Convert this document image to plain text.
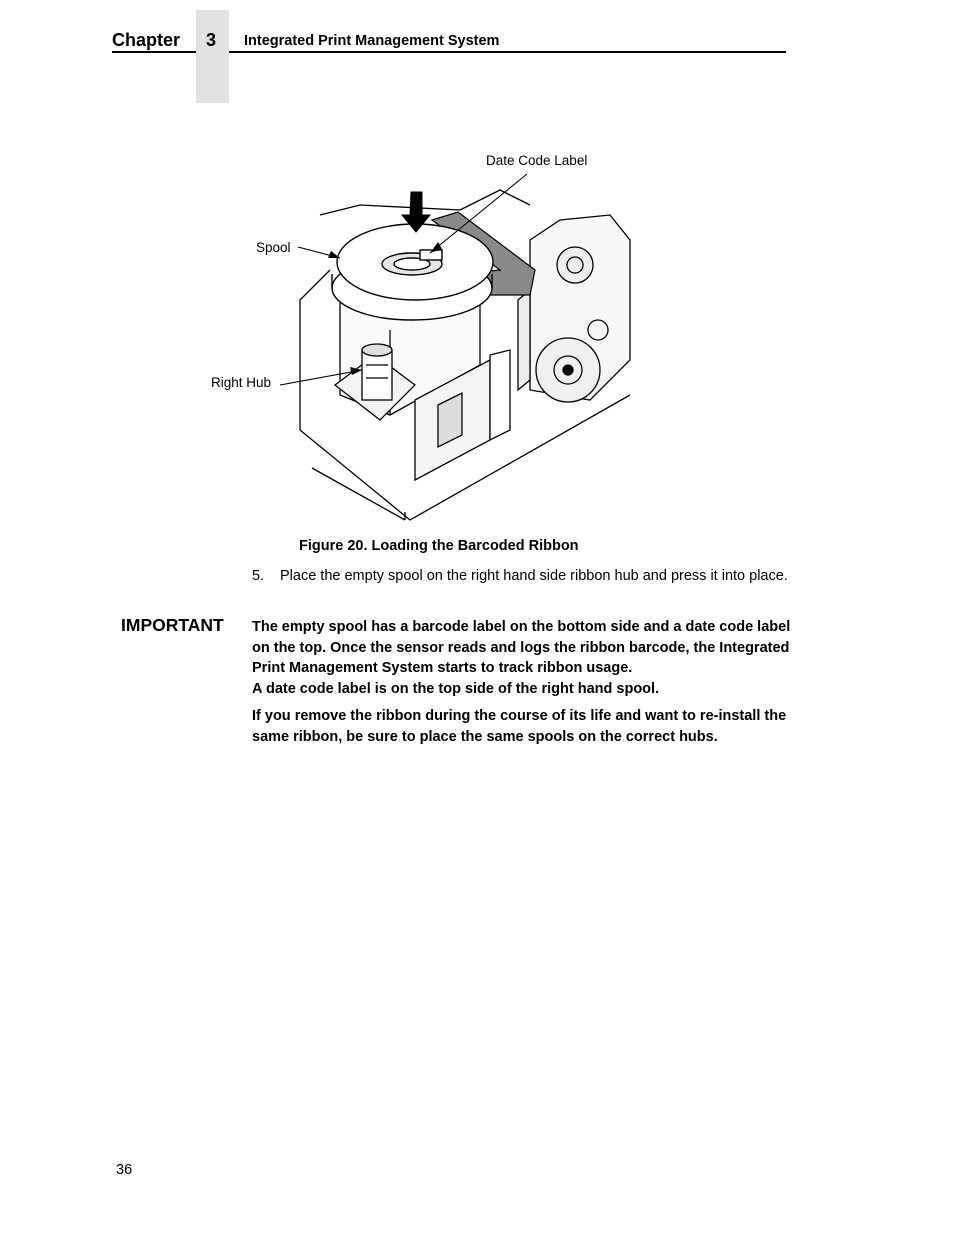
Chapter 3 Integrated Print Management System
Date Code Label
Spool
Right Hub
Figure 20. Loading the Barcoded Ribbon
5. Place the empty spool on the right hand side ribbon hub and press it into place.
IMPORTANT The empty spool has a barcode label on the bottom side and a date code label on the top. Once the sensor reads and logs the ribbon barcode, the Integrated Print Management System starts to track ribbon usage.

A date code label is on the top side of the right hand spool.

If you remove the ribbon during the course of its life and want to re-install the same ribbon, be sure to place the same spools on the correct hubs.

36
